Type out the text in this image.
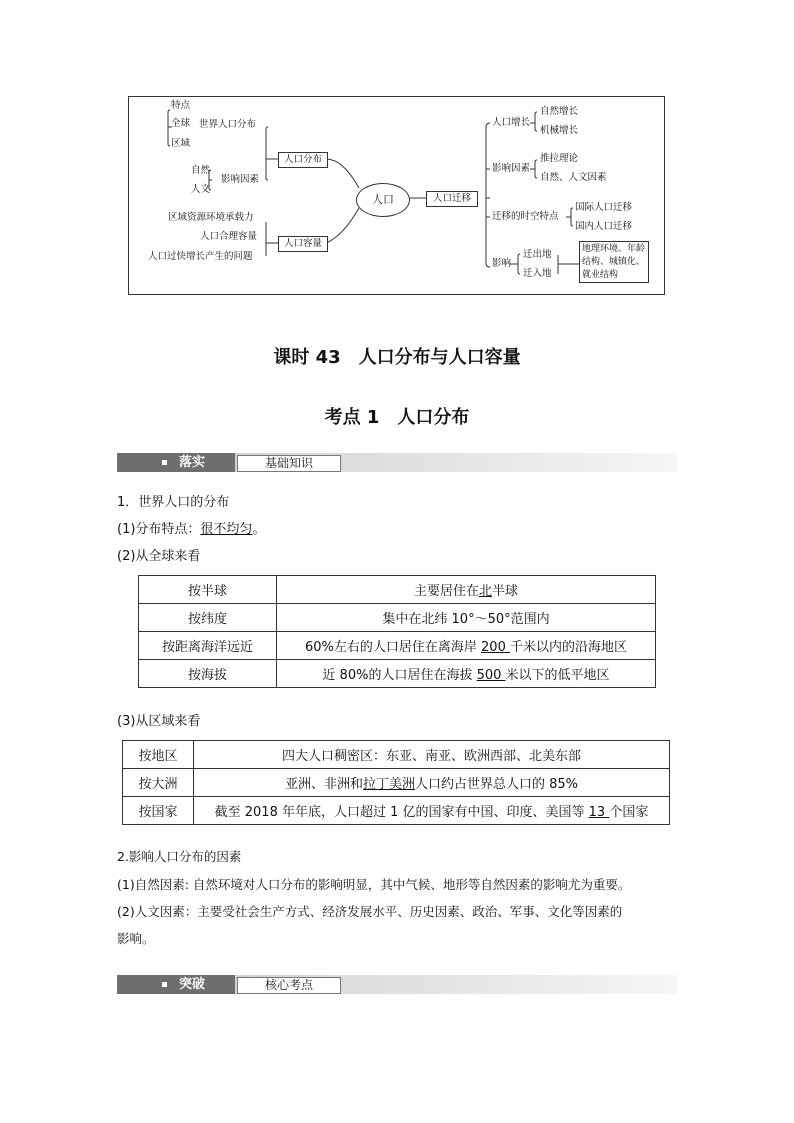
特点
全球
区域
世界人口分布
自然
人文
影响因素
人口分布
区域资源环境承载力
人口合理容量
人口过快增长产生的问题
人口容量
人口	人口迁移
人口增长
自然增长
机械增长
影响因素
推拉理论
自然、人文因素
迁移的时空特点
国际人口迁移
国内人口迁移
影响
迁出地
迁入地
地理环境、年龄
结构、城镇化、
就业结构
课时 43　人口分布与人口容量
考点 1　人口分布
落实	基础知识
1．世界人口的分布
(1)分布特点：很不均匀。
(2)从全球来看
按半球	主要居住在北半球
按纬度	集中在北纬 10°～50°范围内
按距离海洋远近	60%左右的人口居住在离海岸 200 千米以内的沿海地区
按海拔	近 80%的人口居住在海拔 500 米以下的低平地区
(3)从区域来看
按地区	四大人口稠密区：东亚、南亚、欧洲西部、北美东部
按大洲	亚洲、非洲和拉丁美洲人口约占世界总人口的 85%
按国家	截至 2018 年年底，人口超过 1 亿的国家有中国、印度、美国等 13 个国家
2.影响人口分布的因素
(1)自然因素: 自然环境对人口分布的影响明显，其中气候、地形等自然因素的影响尤为重要。
(2)人文因素：主要受社会生产方式、经济发展水平、历史因素、政治、军事、文化等因素的
影响。
突破	核心考点
